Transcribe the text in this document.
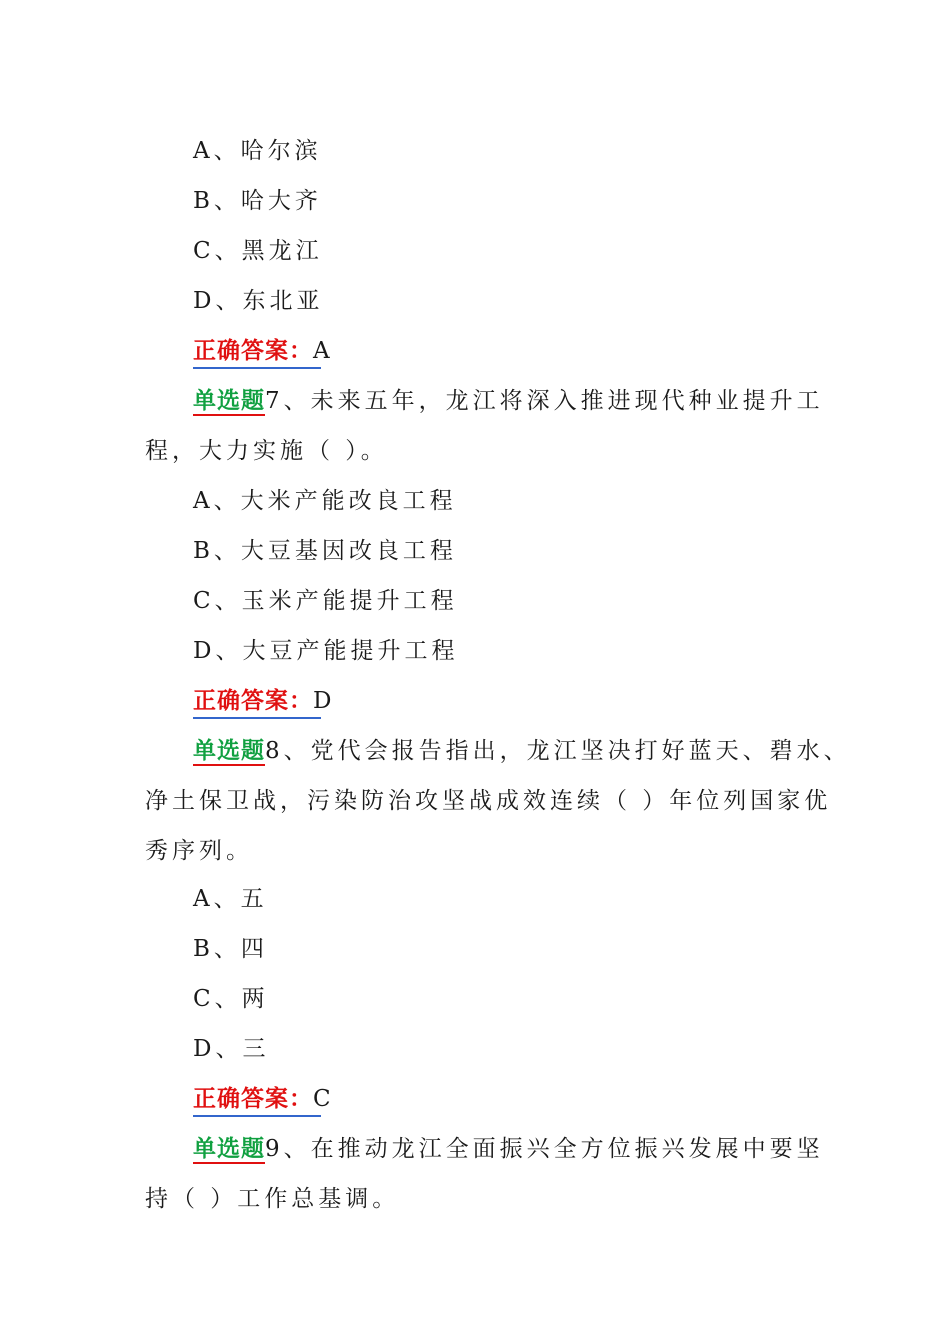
A、哈尔滨
B、哈大齐
C、黑龙江
D、东北亚
正确答案：
A
单选题7、未来五年，龙江将深入推进现代种业提升工
程，大力实施（ ）。
A、大米产能改良工程
B、大豆基因改良工程
C、玉米产能提升工程
D、大豆产能提升工程
正确答案：
D
单选题8、党代会报告指出，龙江坚决打好蓝天、碧水、
净土保卫战，污染防治攻坚战成效连续（ ）年位列国家优
秀序列。
A、五
B、四
C、两
D、三
正确答案：
C
单选题9、在推动龙江全面振兴全方位振兴发展中要坚
持（ ）工作总基调。
